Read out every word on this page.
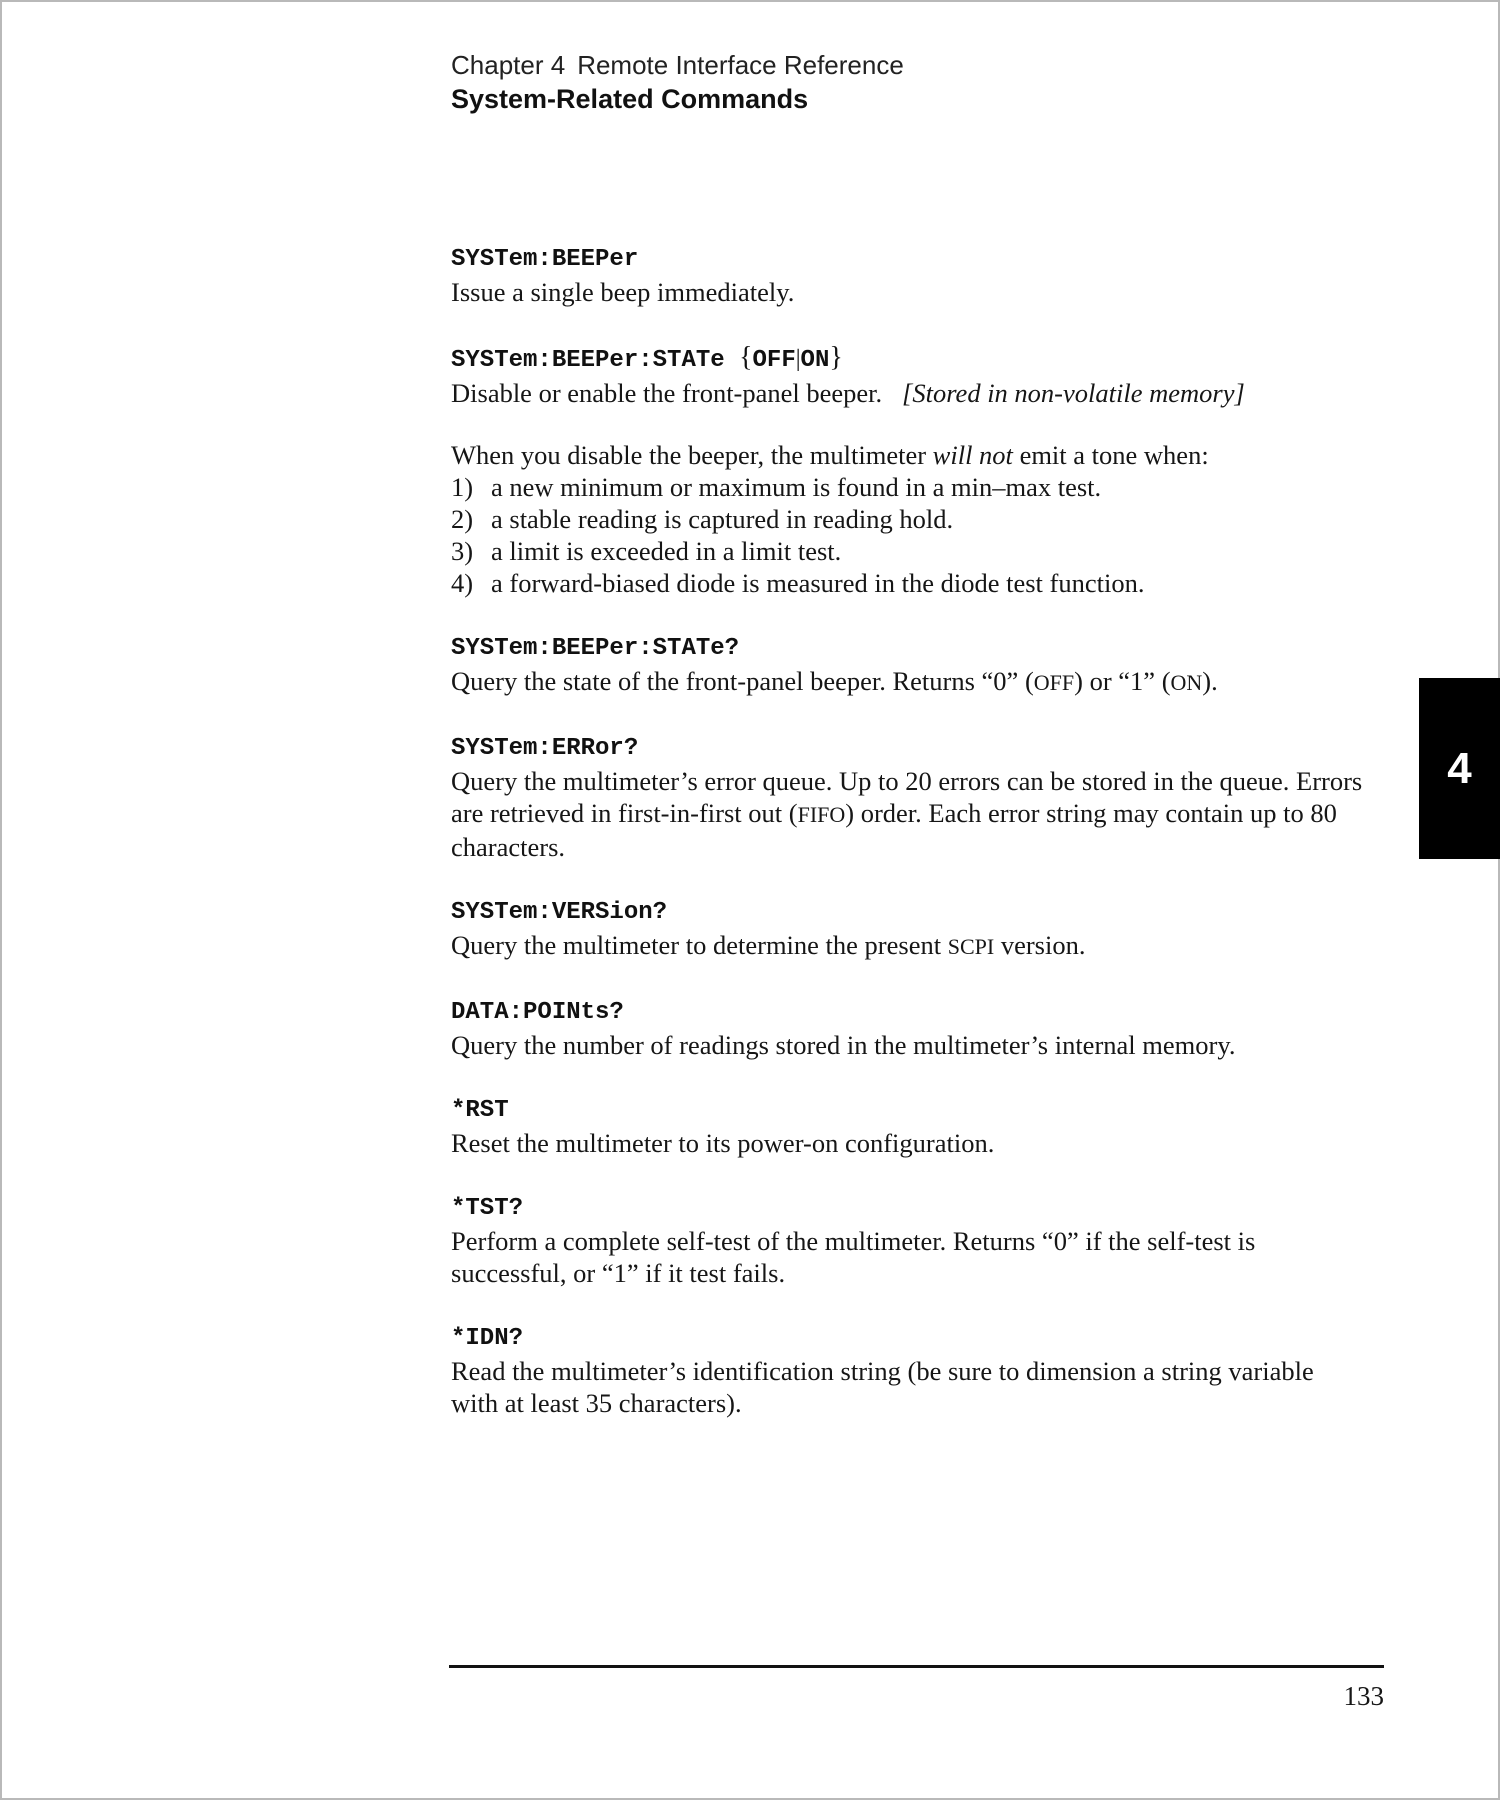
Chapter 4 Remote Interface Reference
System-Related Commands
SYSTem:BEEPer

Issue a single beep immediately.

SYSTem:BEEPer:STATe {OFF|ON}

Disable or enable the front-panel beeper. [Stored in non-volatile memory]

When you disable the beeper, the multimeter will not emit a tone when:

1) a new minimum or maximum is found in a min–max test.
2) a stable reading is captured in reading hold.
3) a limit is exceeded in a limit test.
4) a forward-biased diode is measured in the diode test function.
SYSTem:BEEPer:STATe?

Query the state of the front-panel beeper. Returns “0” (OFF) or “1” (ON).

SYSTem:ERRor?

Query the multimeter’s error queue. Up to 20 errors can be stored in the queue. Errors are retrieved in first-in-first out (FIFO) order. Each error string may contain up to 80 characters.

SYSTem:VERSion?

Query the multimeter to determine the present SCPI version.

DATA:POINts?

Query the number of readings stored in the multimeter’s internal memory.

*RST

Reset the multimeter to its power-on configuration.

*TST?

Perform a complete self-test of the multimeter. Returns “0” if the self-test is successful, or “1” if it test fails.

*IDN?

Read the multimeter’s identification string (be sure to dimension a string variable with at least 35 characters).

4
133
